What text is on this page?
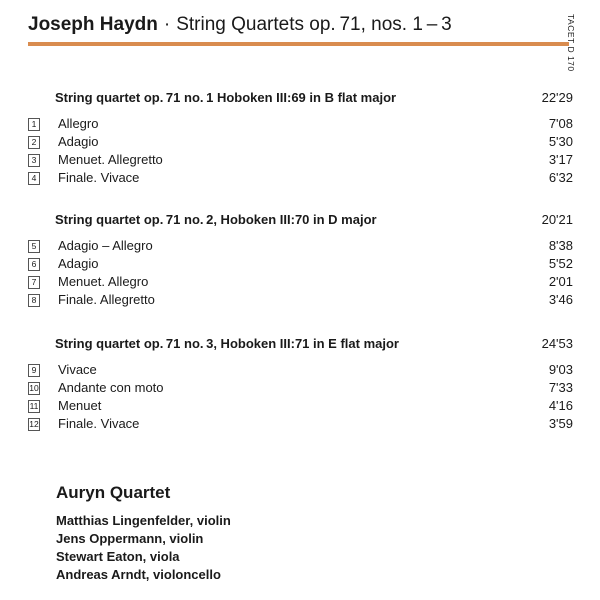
Joseph Haydn · String Quartets op. 71, nos. 1 – 3	TACET D 170
String quartet op. 71 no. 1 Hoboken III:69 in B flat major	22'29
1 Allegro	7'08
2 Adagio	5'30
3 Menuet. Allegretto	3'17
4 Finale. Vivace	6'32
String quartet op. 71 no. 2, Hoboken III:70 in D major	20'21
5 Adagio – Allegro	8'38
6 Adagio	5'52
7 Menuet. Allegro	2'01
8 Finale. Allegretto	3'46
String quartet op. 71 no. 3, Hoboken III:71 in E flat major	24'53
9 Vivace	9'03
10 Andante con moto	7'33
11 Menuet	4'16
12 Finale. Vivace	3'59
Auryn Quartet
Matthias Lingenfelder, violin
Jens Oppermann, violin
Stewart Eaton, viola
Andreas Arndt, violoncello
